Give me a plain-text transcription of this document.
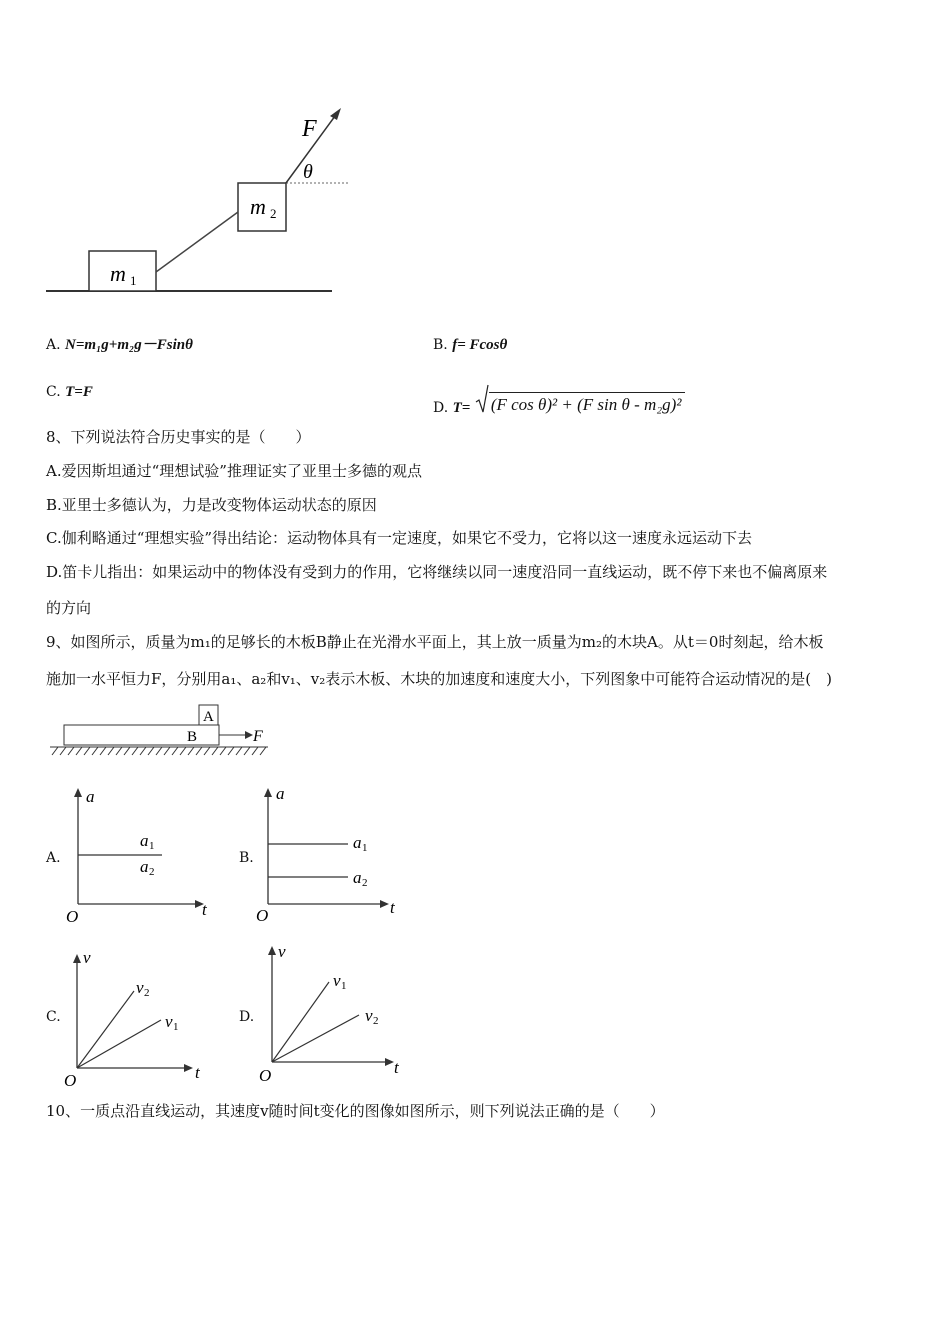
F
θ
m 1
m 2
A. N=m₁g+m₂g－Fsinθ	B. f= Fcosθ
C. T=F
D. T= (F cos θ)² + (F sin θ - m₂g)²
8、下列说法符合历史事实的是（　　）
A.爱因斯坦通过“理想试验”推理证实了亚里士多德的观点
B.亚里士多德认为，力是改变物体运动状态的原因
C.伽利略通过“理想实验”得出结论：运动物体具有一定速度，如果它不受力，它将以这一速度永远运动下去
D.笛卡儿指出：如果运动中的物体没有受到力的作用，它将继续以同一速度沿同一直线运动，既不停下来也不偏离原来
的方向
9、如图所示，质量为m₁的足够长的木板B静止在光滑水平面上，其上放一质量为m₂的木块A。从t＝0时刻起，给木板
施加一水平恒力F，分别用a₁、a₂和v₁、v₂表示木板、木块的加速度和速度大小，下列图象中可能符合运动情况的是(　)
A
B	F
A.
a
t
O
a 1
a 2
B.
a
t
O
a 1
a 2
C.
v
t
O
v 2
v 1
D.
v
t
O
v 1
v 2
10、一质点沿直线运动，其速度v随时间t变化的图像如图所示，则下列说法正确的是（　　）
